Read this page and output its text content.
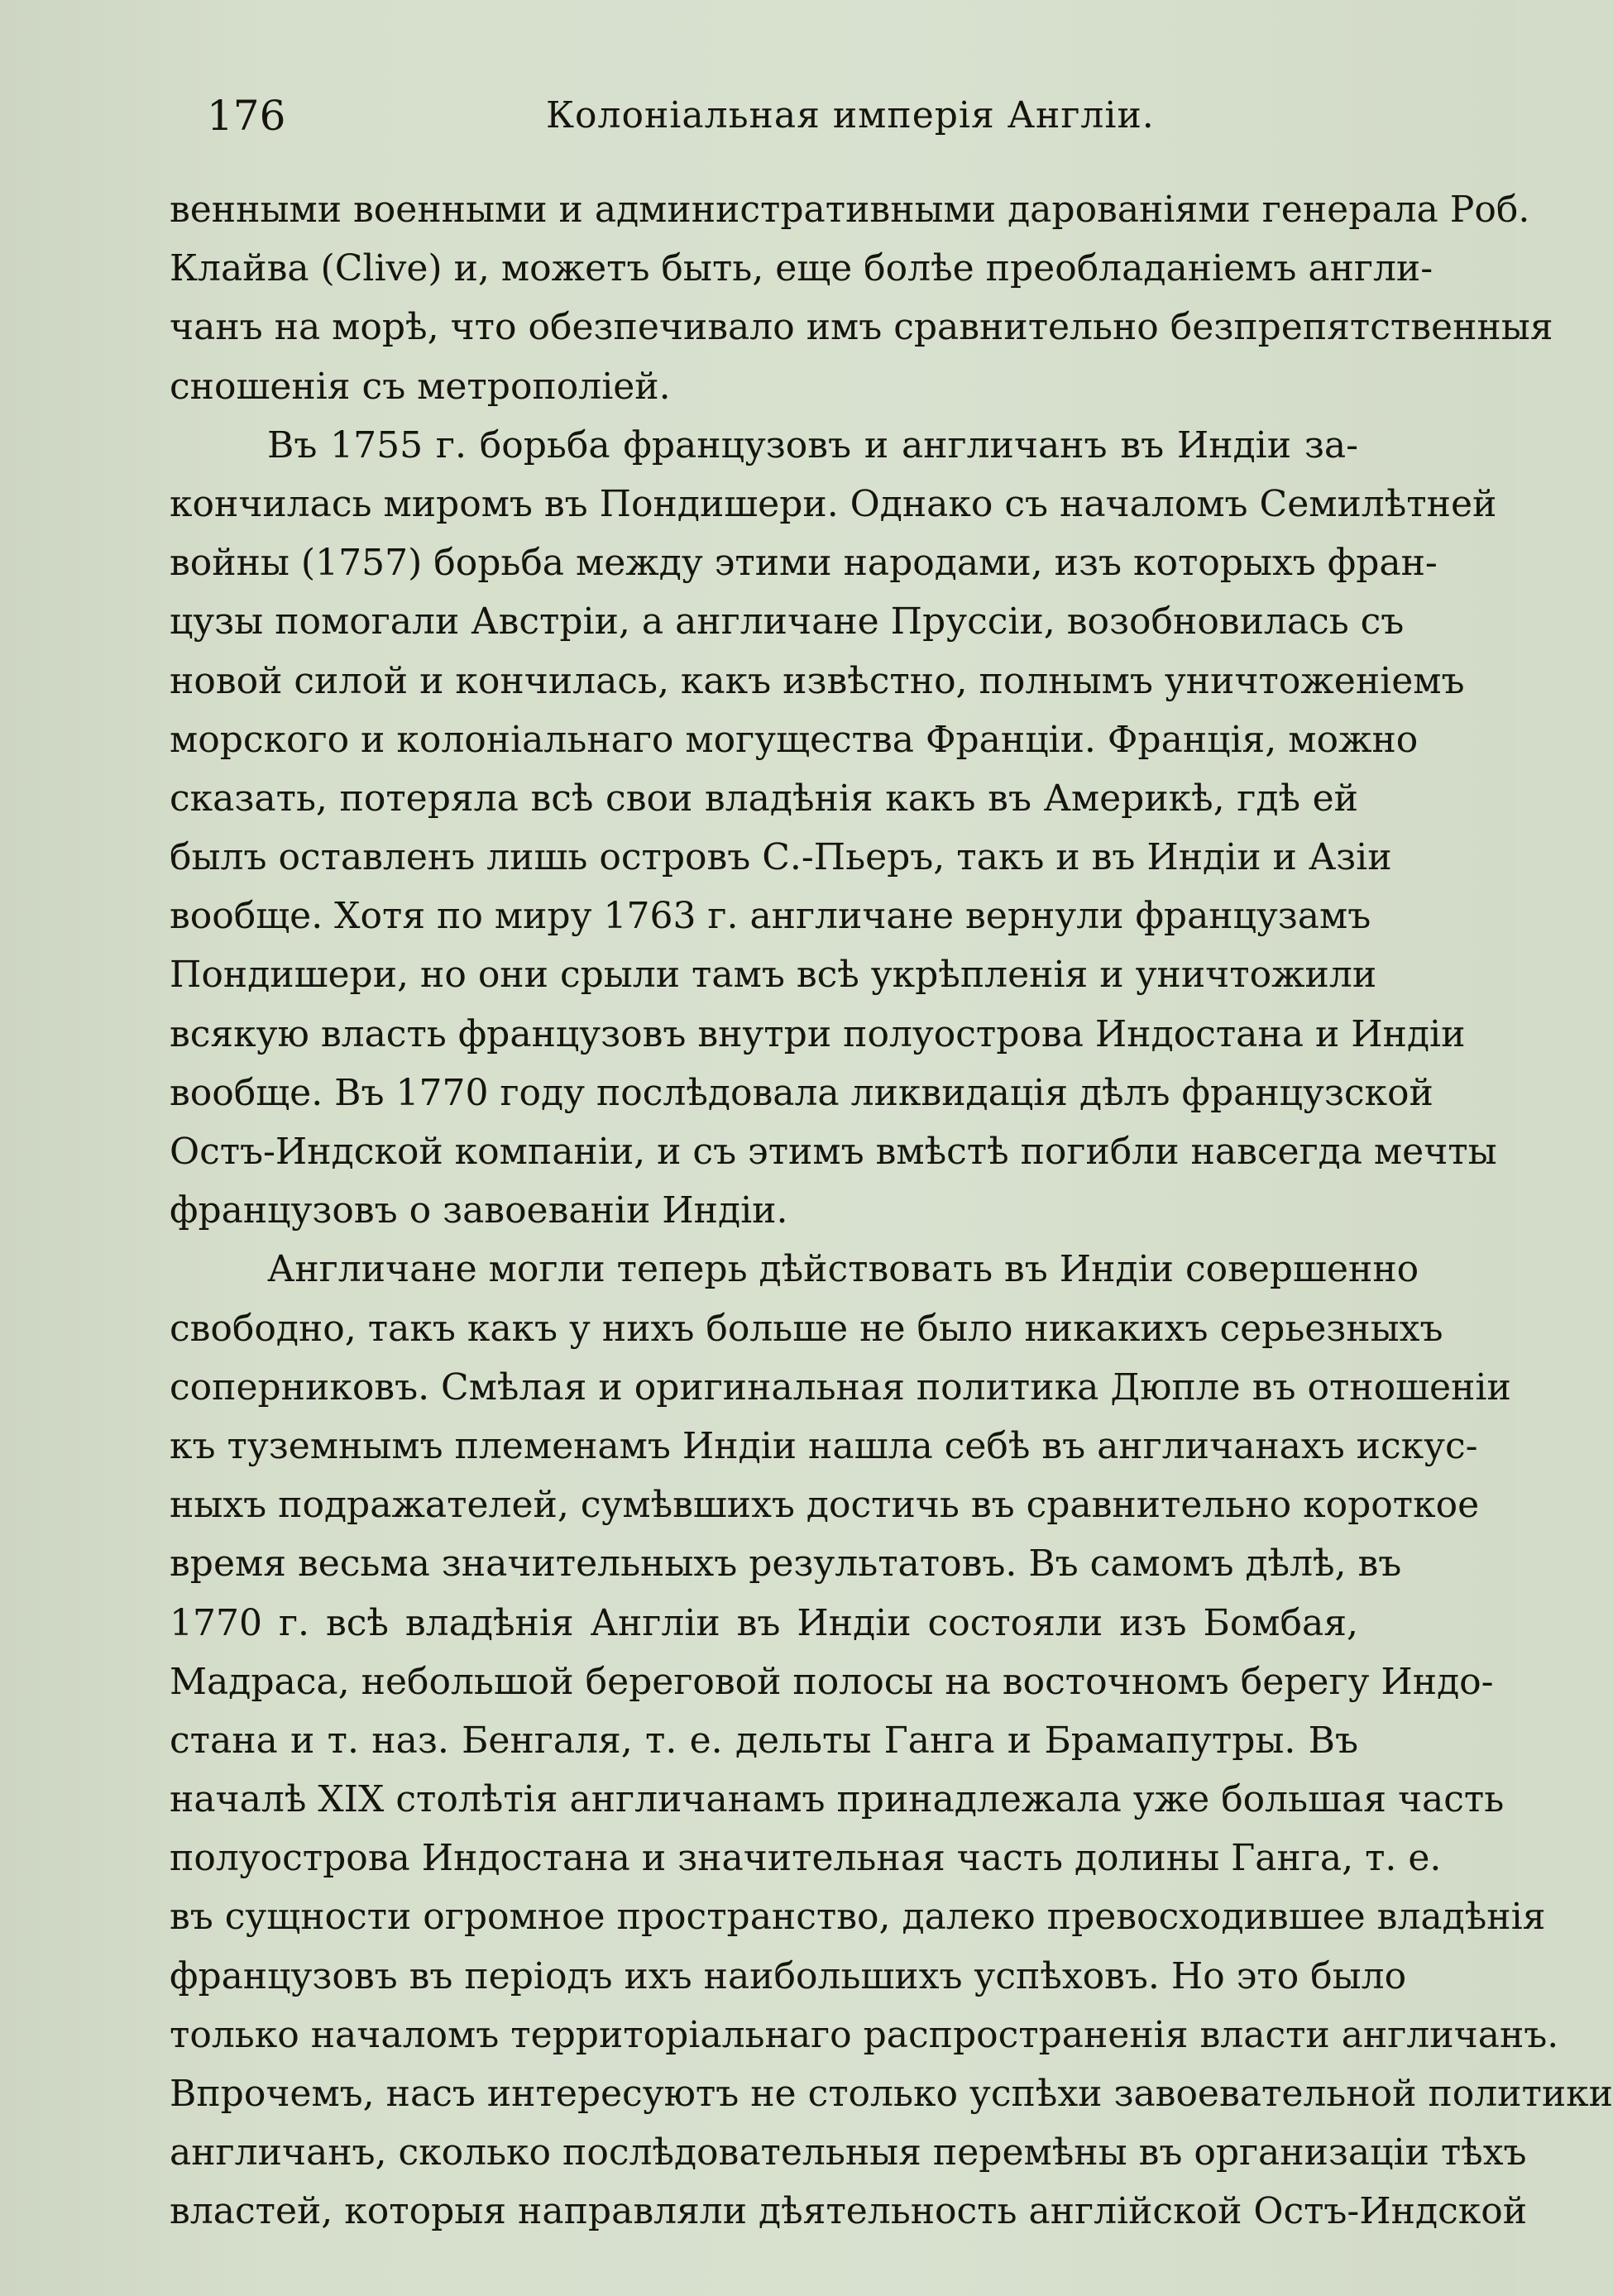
176	Колоніальная имперія Англіи.
венными военными и административными дарованіями генерала Роб.
Клайва (Clive) и, можетъ быть, еще болѣе преобладаніемъ англи-
чанъ на морѣ, что обезпечивало имъ сравнительно безпрепятственныя
сношенія съ метрополіей.
Въ 1755 г. борьба французовъ и англичанъ въ Индіи за-
кончилась миромъ въ Пондишери. Однако съ началомъ Семилѣтней
войны (1757) борьба между этими народами, изъ которыхъ фран-
цузы помогали Австріи, а англичане Пруссіи, возобновилась съ
новой силой и кончилась, какъ извѣстно, полнымъ уничтоженіемъ
морского и колоніальнаго могущества Франціи. Франція, можно
сказать, потеряла всѣ свои владѣнія какъ въ Америкѣ, гдѣ ей
былъ оставленъ лишь островъ С.-Пьеръ, такъ и въ Индіи и Азіи
вообще. Хотя по миру 1763 г. англичане вернули французамъ
Пондишери, но они срыли тамъ всѣ укрѣпленія и уничтожили
всякую власть французовъ внутри полуострова Индостана и Индіи
вообще. Въ 1770 году послѣдовала ликвидація дѣлъ французской
Остъ-Индской компаніи, и съ этимъ вмѣстѣ погибли навсегда мечты
французовъ о завоеваніи Индіи.
Англичане могли теперь дѣйствовать въ Индіи совершенно
свободно, такъ какъ у нихъ больше не было никакихъ серьезныхъ
соперниковъ. Смѣлая и оригинальная политика Дюпле въ отношеніи
къ туземнымъ племенамъ Индіи нашла себѣ въ англичанахъ искус-
ныхъ подражателей, сумѣвшихъ достичь въ сравнительно короткое
время весьма значительныхъ результатовъ. Въ самомъ дѣлѣ, въ
1770 г. всѣ владѣнія Англіи въ Индіи состояли изъ Бомбая,
Мадраса, небольшой береговой полосы на восточномъ берегу Индо-
стана и т. наз. Бенгаля, т. е. дельты Ганга и Брамапутры. Въ
началѣ XIX столѣтія англичанамъ принадлежала уже большая часть
полуострова Индостана и значительная часть долины Ганга, т. е.
въ сущности огромное пространство, далеко превосходившее владѣнія
французовъ въ періодъ ихъ наибольшихъ успѣховъ. Но это было
только началомъ территоріальнаго распространенія власти англичанъ.
Впрочемъ, насъ интересуютъ не столько успѣхи завоевательной политики
англичанъ, сколько послѣдовательныя перемѣны въ организаціи тѣхъ
властей, которыя направляли дѣятельность англійской Остъ-Индской
